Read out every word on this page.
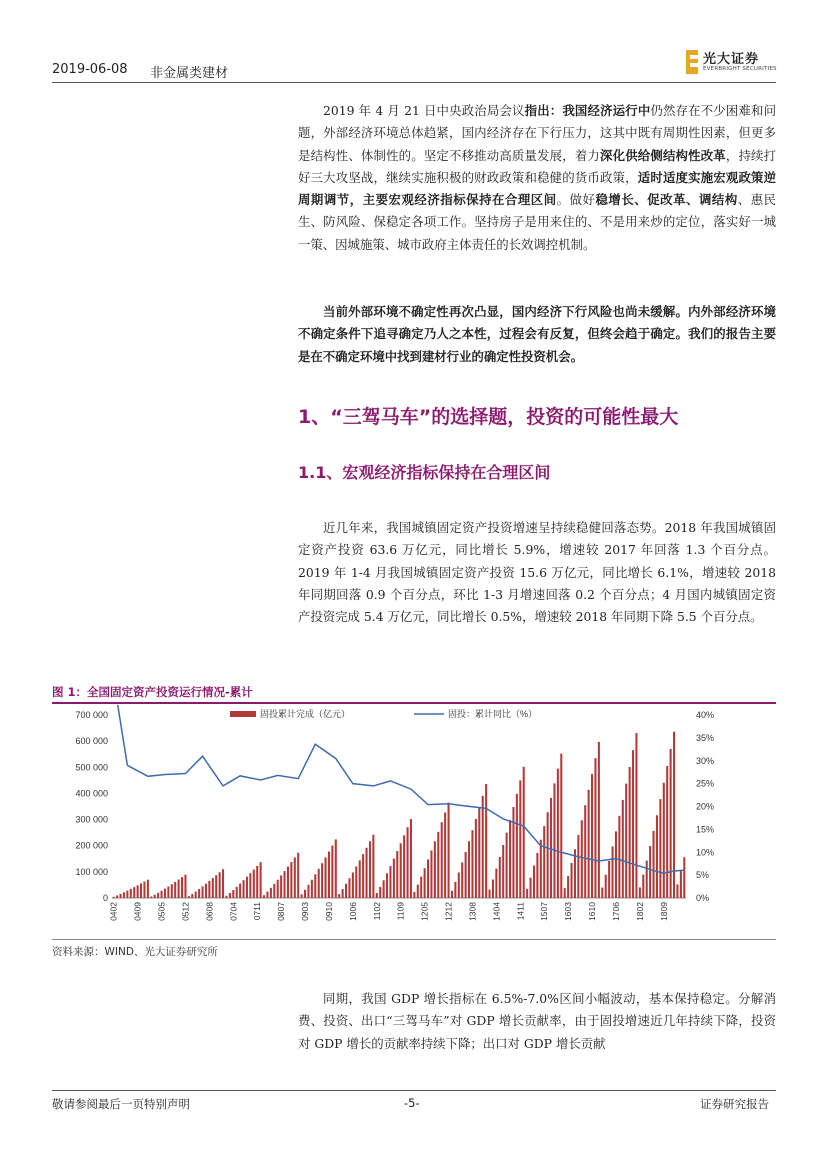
2019-06-08 非金属类建材
光大证券
EVERBRIGHT SECURITIES
2019 年 4 月 21 日中央政治局会议指出：我国经济运行中仍然存在不少困难和问题，外部经济环境总体趋紧，国内经济存在下行压力，这其中既有周期性因素，但更多是结构性、体制性的。坚定不移推动高质量发展，着力深化供给侧结构性改革，持续打好三大攻坚战，继续实施积极的财政政策和稳健的货币政策，适时适度实施宏观政策逆周期调节，主要宏观经济指标保持在合理区间。做好稳增长、促改革、调结构、惠民生、防风险、保稳定各项工作。坚持房子是用来住的、不是用来炒的定位，落实好一城一策、因城施策、城市政府主体责任的长效调控机制。
当前外部环境不确定性再次凸显，国内经济下行风险也尚未缓解。内外部经济环境不确定条件下追寻确定乃人之本性，过程会有反复，但终会趋于确定。我们的报告主要是在不确定环境中找到建材行业的确定性投资机会。
1、“三驾马车”的选择题，投资的可能性最大
1.1、宏观经济指标保持在合理区间
近几年来，我国城镇固定资产投资增速呈持续稳健回落态势。2018 年我国城镇固定资产投资 63.6 万亿元，同比增长 5.9%，增速较 2017 年回落 1.3 个百分点。2019 年 1-4 月我国城镇固定资产投资 15.6 万亿元，同比增长 6.1%，增速较 2018 年同期回落 0.9 个百分点，环比 1-3 月增速回落 0.2 个百分点；4 月国内城镇固定资产投资完成 5.4 万亿元，同比增长 0.5%，增速较 2018 年同期下降 5.5 个百分点。
图 1：全国固定资产投资运行情况-累计
0
100 000
200 000
300 000
400 000
500 000
600 000
700 000
0%
5%
10%
15%
20%
25%
30%
35%
40%
0402 0409 0505 0512 0608 0704 0711 0807 0903 0910 1006 1102 1109 1205 1212 1308 1404 1411 1507 1603 1610 1706 1802 1809
固投累计完成（亿元）	固投：累计同比（%）
资料来源：WIND、光大证券研究所
同期，我国 GDP 增长指标在 6.5%-7.0%区间小幅波动，基本保持稳定。分解消费、投资、出口“三驾马车”对 GDP 增长贡献率，由于固投增速近几年持续下降，投资对 GDP 增长的贡献率持续下降；出口对 GDP 增长贡献
敬请参阅最后一页特别声明	-5-	证券研究报告
